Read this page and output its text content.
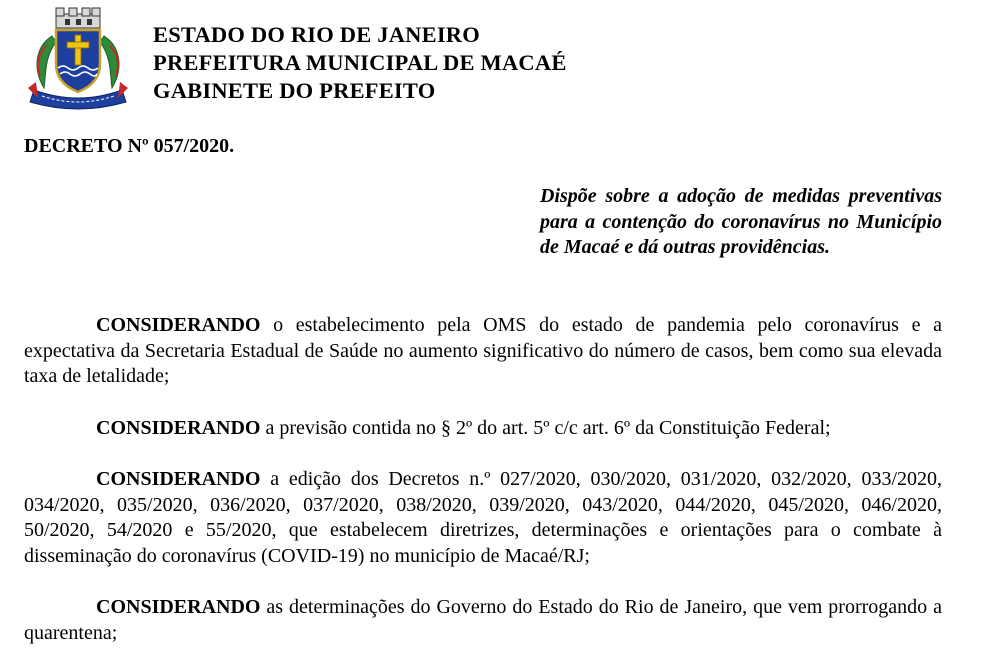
ESTADO DO RIO DE JANEIRO
PREFEITURA MUNICIPAL DE MACAÉ
GABINETE DO PREFEITO
DECRETO Nº 057/2020.
Dispõe sobre a adoção de medidas preventivas para a contenção do coronavírus no Município de Macaé e dá outras providências.

CONSIDERANDO o estabelecimento pela OMS do estado de pandemia pelo coronavírus e a expectativa da Secretaria Estadual de Saúde no aumento significativo do número de casos, bem como sua elevada taxa de letalidade;

CONSIDERANDO a previsão contida no § 2º do art. 5º c/c art. 6º da Constituição Federal;

CONSIDERANDO a edição dos Decretos n.º 027/2020, 030/2020, 031/2020, 032/2020, 033/2020, 034/2020, 035/2020, 036/2020, 037/2020, 038/2020, 039/2020, 043/2020, 044/2020, 045/2020, 046/2020, 50/2020, 54/2020 e 55/2020, que estabelecem diretrizes, determinações e orientações para o combate à disseminação do coronavírus (COVID-19) no município de Macaé/RJ;

CONSIDERANDO as determinações do Governo do Estado do Rio de Janeiro, que vem prorrogando a quarentena;
